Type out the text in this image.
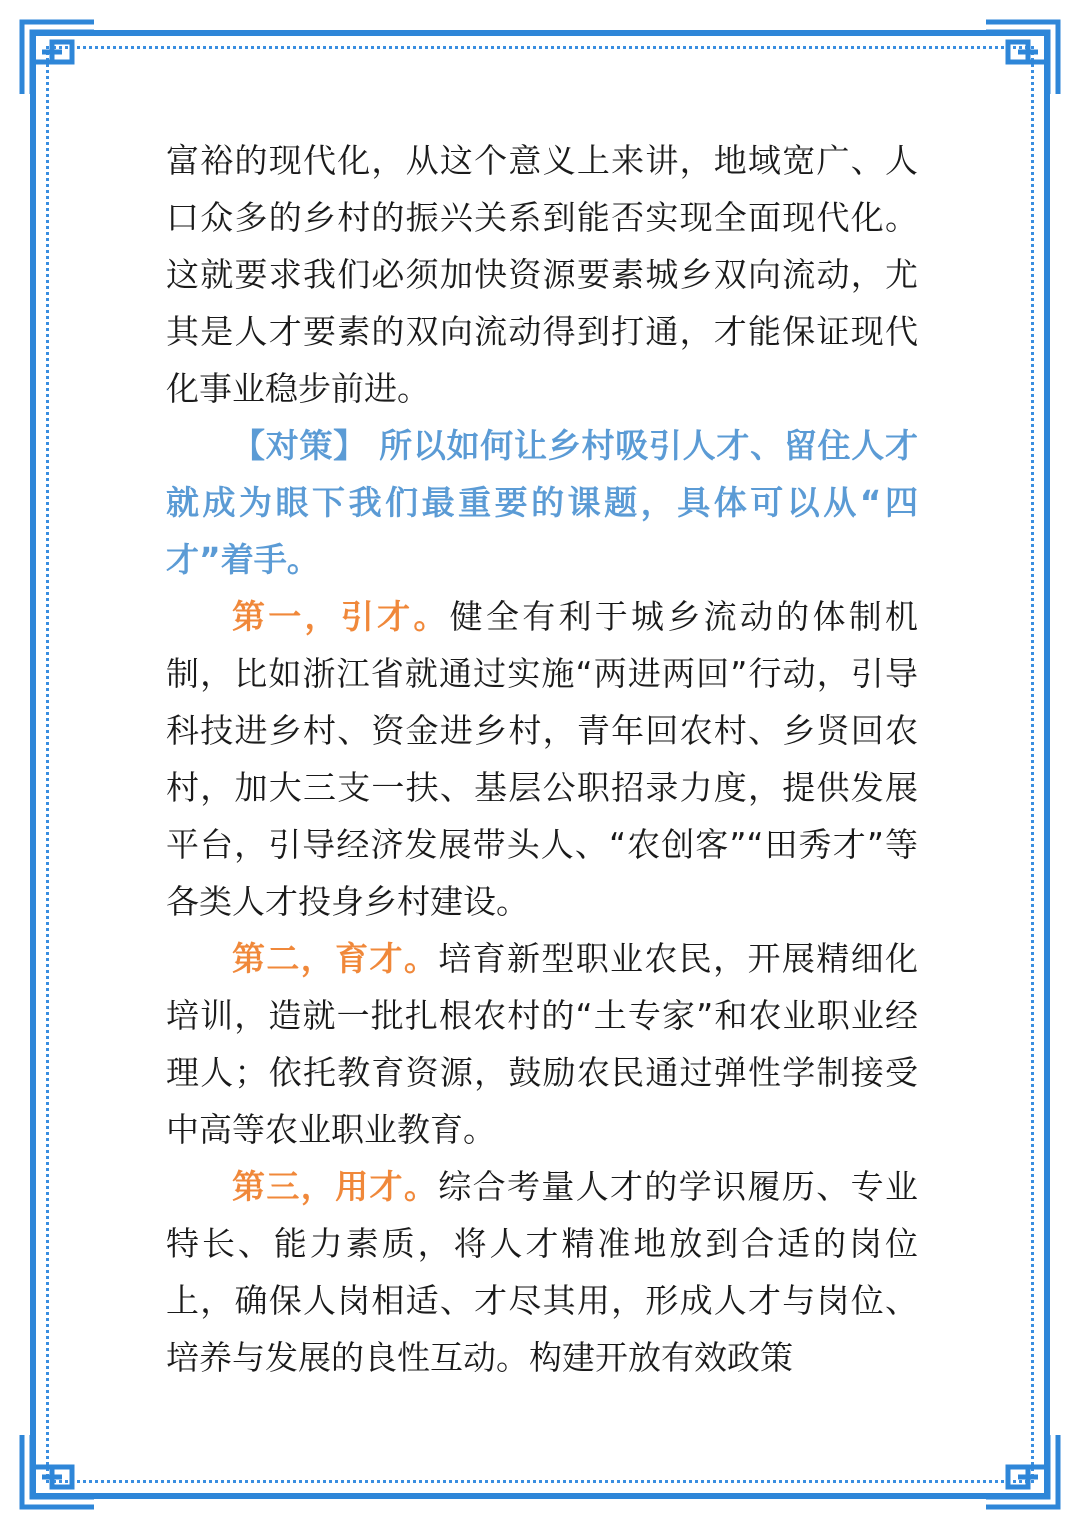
富裕的现代化，从这个意义上来讲，地域宽广、人口众多的乡村的振兴关系到能否实现全面现代化。这就要求我们必须加快资源要素城乡双向流动，尤其是人才要素的双向流动得到打通，才能保证现代化事业稳步前进。

【对策】 所以如何让乡村吸引人才、留住人才就成为眼下我们最重要的课题，具体可以从“四才”着手。

第一，引才。健全有利于城乡流动的体制机制，比如浙江省就通过实施“两进两回”行动，引导科技进乡村、资金进乡村，青年回农村、乡贤回农村，加大三支一扶、基层公职招录力度，提供发展平台，引导经济发展带头人、“农创客”“田秀才”等各类人才投身乡村建设。

第二，育才。培育新型职业农民，开展精细化培训，造就一批扎根农村的“土专家”和农业职业经理人；依托教育资源，鼓励农民通过弹性学制接受中高等农业职业教育。

第三，用才。综合考量人才的学识履历、专业特长、能力素质，将人才精准地放到合适的岗位上，确保人岗相适、才尽其用，形成人才与岗位、培养与发展的良性互动。构建开放有效政策
